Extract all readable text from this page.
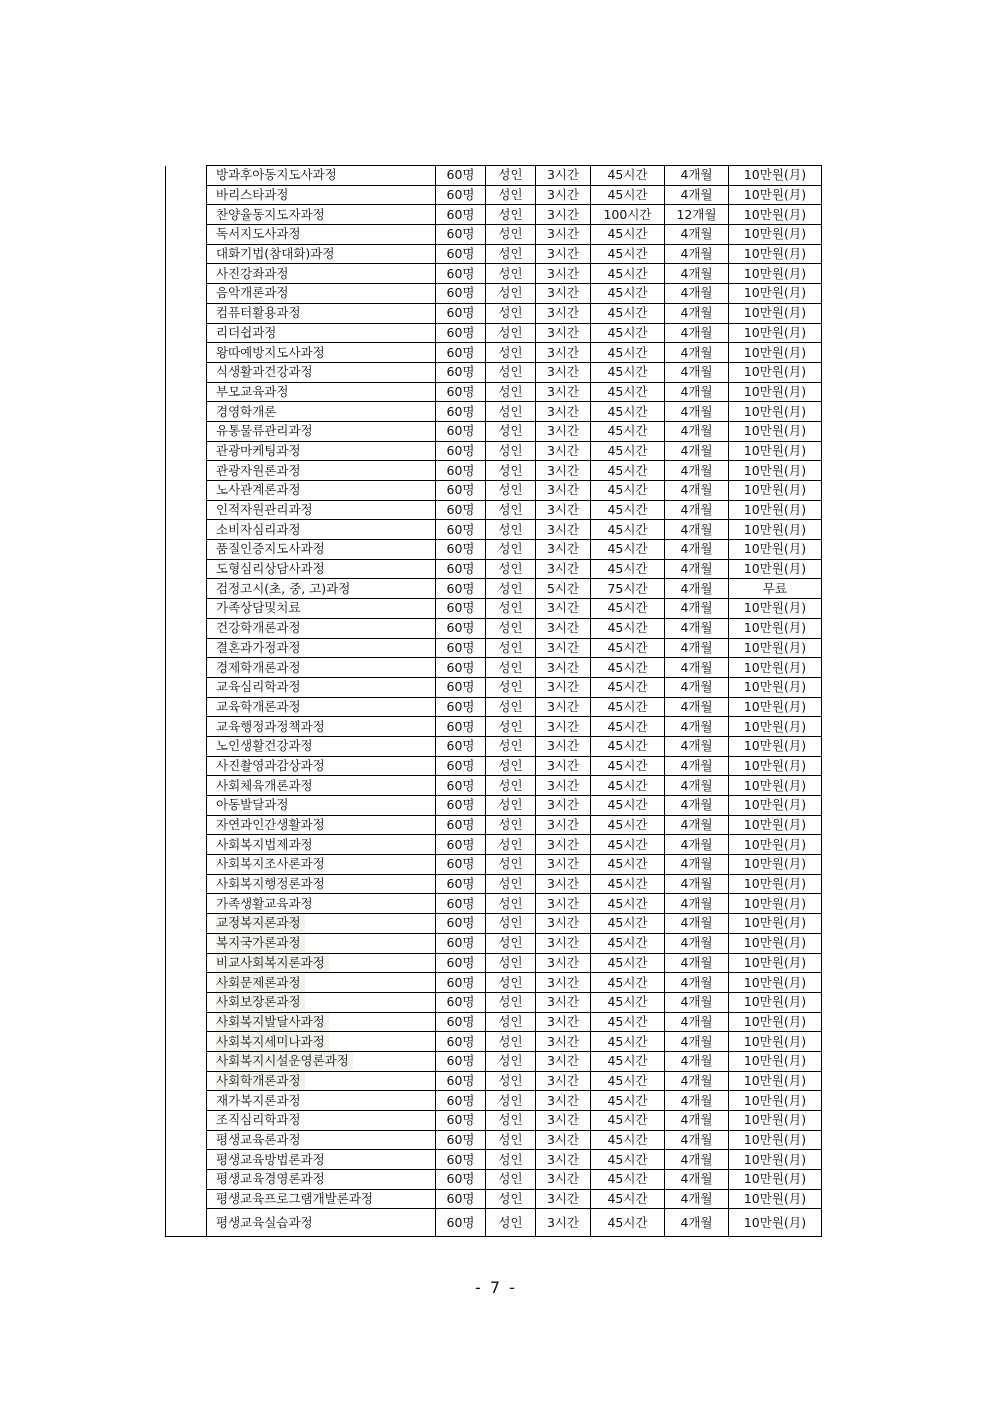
	방과후아동지도사과정	60명	성인	3시간	45시간	4개월	10만원(月)
	바리스타과정	60명	성인	3시간	45시간	4개월	10만원(月)
	찬양율동지도자과정	60명	성인	3시간	100시간	12개월	10만원(月)
	독서지도사과정	60명	성인	3시간	45시간	4개월	10만원(月)
	대화기법(참대화)과정	60명	성인	3시간	45시간	4개월	10만원(月)
	사진강좌과정	60명	성인	3시간	45시간	4개월	10만원(月)
	음악개론과정	60명	성인	3시간	45시간	4개월	10만원(月)
	컴퓨터활용과정	60명	성인	3시간	45시간	4개월	10만원(月)
	리더쉽과정	60명	성인	3시간	45시간	4개월	10만원(月)
	왕따예방지도사과정	60명	성인	3시간	45시간	4개월	10만원(月)
	식생활과건강과정	60명	성인	3시간	45시간	4개월	10만원(月)
	부모교육과정	60명	성인	3시간	45시간	4개월	10만원(月)
	경영학개론	60명	성인	3시간	45시간	4개월	10만원(月)
	유통물류관리과정	60명	성인	3시간	45시간	4개월	10만원(月)
	관광마케팅과정	60명	성인	3시간	45시간	4개월	10만원(月)
	관광자원론과정	60명	성인	3시간	45시간	4개월	10만원(月)
	노사관계론과정	60명	성인	3시간	45시간	4개월	10만원(月)
	인적자원관리과정	60명	성인	3시간	45시간	4개월	10만원(月)
	소비자심리과정	60명	성인	3시간	45시간	4개월	10만원(月)
	품질인증지도사과정	60명	성인	3시간	45시간	4개월	10만원(月)
	도형심리상담사과정	60명	성인	3시간	45시간	4개월	10만원(月)
	검정고시(초, 중, 고)과정	60명	성인	5시간	75시간	4개월	무료
	가족상담및치료	60명	성인	3시간	45시간	4개월	10만원(月)
	건강학개론과정	60명	성인	3시간	45시간	4개월	10만원(月)
	결혼과가정과정	60명	성인	3시간	45시간	4개월	10만원(月)
	경제학개론과정	60명	성인	3시간	45시간	4개월	10만원(月)
	교육심리학과정	60명	성인	3시간	45시간	4개월	10만원(月)
	교육학개론과정	60명	성인	3시간	45시간	4개월	10만원(月)
	교육행정과정책과정	60명	성인	3시간	45시간	4개월	10만원(月)
	노인생활건강과정	60명	성인	3시간	45시간	4개월	10만원(月)
	사진촬영과감상과정	60명	성인	3시간	45시간	4개월	10만원(月)
	사회체육개론과정	60명	성인	3시간	45시간	4개월	10만원(月)
	아동발달과정	60명	성인	3시간	45시간	4개월	10만원(月)
	자연과인간생활과정	60명	성인	3시간	45시간	4개월	10만원(月)
	사회복지법제과정	60명	성인	3시간	45시간	4개월	10만원(月)
	사회복지조사론과정	60명	성인	3시간	45시간	4개월	10만원(月)
	사회복지행정론과정	60명	성인	3시간	45시간	4개월	10만원(月)
	가족생활교육과정	60명	성인	3시간	45시간	4개월	10만원(月)
	교정복지론과정	60명	성인	3시간	45시간	4개월	10만원(月)
	복지국가론과정	60명	성인	3시간	45시간	4개월	10만원(月)
	비교사회복지론과정	60명	성인	3시간	45시간	4개월	10만원(月)
	사회문제론과정	60명	성인	3시간	45시간	4개월	10만원(月)
	사회보장론과정	60명	성인	3시간	45시간	4개월	10만원(月)
	사회복지발달사과정	60명	성인	3시간	45시간	4개월	10만원(月)
	사회복지세미나과정	60명	성인	3시간	45시간	4개월	10만원(月)
	사회복지시설운영론과정	60명	성인	3시간	45시간	4개월	10만원(月)
	사회학개론과정	60명	성인	3시간	45시간	4개월	10만원(月)
	재가복지론과정	60명	성인	3시간	45시간	4개월	10만원(月)
	조직심리학과정	60명	성인	3시간	45시간	4개월	10만원(月)
	평생교육론과정	60명	성인	3시간	45시간	4개월	10만원(月)
	평생교육방법론과정	60명	성인	3시간	45시간	4개월	10만원(月)
	평생교육경영론과정	60명	성인	3시간	45시간	4개월	10만원(月)
	평생교육프로그램개발론과정	60명	성인	3시간	45시간	4개월	10만원(月)
	평생교육실습과정	60명	성인	3시간	45시간	4개월	10만원(月)
- 7 -
